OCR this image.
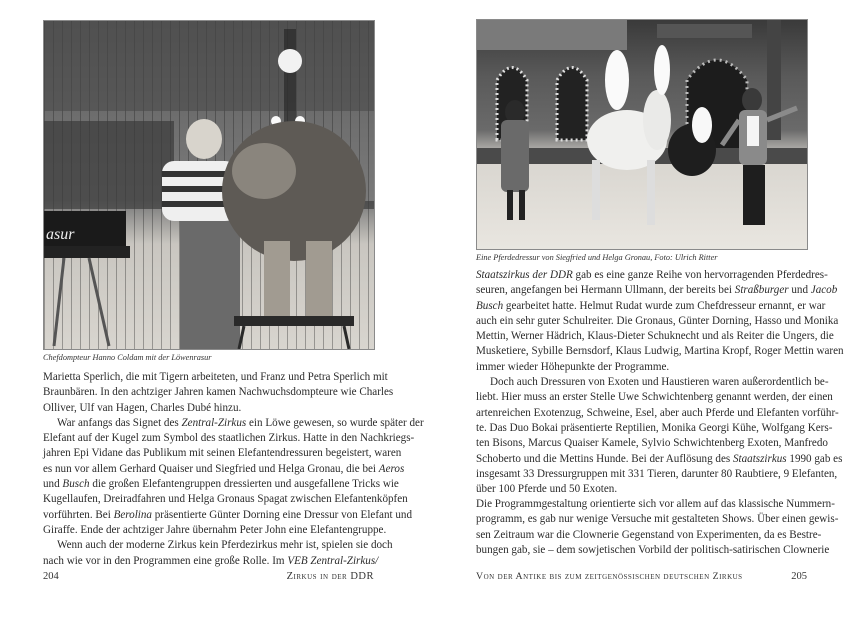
asur
Chefdompteur Hanno Coldam mit der Löwenrasur
Marietta Sperlich, die mit Tigern arbeiteten, und Franz und Petra Sperlich mit
Braunbären. In den achtziger Jahren kamen Nachwuchsdompteure wie Charles
Olliver, Ulf van Hagen, Charles Dubé hinzu.
War anfangs das Signet des Zentral-Zirkus ein Löwe gewesen, so wurde später der
Elefant auf der Kugel zum Symbol des staatlichen Zirkus. Hatte in den Nachkriegs-
jahren Epi Vidane das Publikum mit seinen Elefantendressuren begeistert, waren
es nun vor allem Gerhard Quaiser und Siegfried und Helga Gronau, die bei Aeros
und Busch die großen Elefantengruppen dressierten und ausgefallene Tricks wie
Kugellaufen, Dreiradfahren und Helga Gronaus Spagat zwischen Elefantenköpfen
vorführten. Bei Berolina präsentierte Günter Dorning eine Dressur von Elefant und
Giraffe. Ende der achtziger Jahre übernahm Peter John eine Elefantengruppe.
Wenn auch der moderne Zirkus kein Pferdezirkus mehr ist, spielen sie doch
nach wie vor in den Programmen eine große Rolle. Im VEB Zentral-Zirkus/
204	Zirkus in der DDR
Eine Pferdedressur von Siegfried und Helga Gronau, Foto: Ulrich Ritter
Staatszirkus der DDR gab es eine ganze Reihe von hervorragenden Pferdedres-
seuren, angefangen bei Hermann Ullmann, der bereits bei Straßburger und Jacob
Busch gearbeitet hatte. Helmut Rudat wurde zum Chefdresseur ernannt, er war
auch ein sehr guter Schulreiter. Die Gronaus, Günter Dorning, Hasso und Monika
Mettin, Werner Hädrich, Klaus-Dieter Schuknecht und als Reiter die Ungers, die
Musketiere, Sybille Bernsdorf, Klaus Ludwig, Martina Kropf, Roger Mettin waren
immer wieder Höhepunkte der Programme.
Doch auch Dressuren von Exoten und Haustieren waren außerordentlich be-
liebt. Hier muss an erster Stelle Uwe Schwichtenberg genannt werden, der einen
artenreichen Exotenzug, Schweine, Esel, aber auch Pferde und Elefanten vorführ-
te. Das Duo Bokai präsentierte Reptilien, Monika Georgi Kühe, Wolfgang Kers-
ten Bisons, Marcus Quaiser Kamele, Sylvio Schwichtenberg Exoten, Manfredo
Schoberto und die Mettins Hunde. Bei der Auflösung des Staatszirkus 1990 gab es
insgesamt 33 Dressurgruppen mit 331 Tieren, darunter 80 Raubtiere, 9 Elefanten,
über 100 Pferde und 50 Exoten.
Die Programmgestaltung orientierte sich vor allem auf das klassische Nummern-
programm, es gab nur wenige Versuche mit gestalteten Shows. Über einen gewis-
sen Zeitraum war die Clownerie Gegenstand von Experimenten, da es Bestre-
bungen gab, sie – dem sowjetischen Vorbild der politisch-satirischen Clownerie
Von der Antike bis zum zeitgenössischen deutschen Zirkus	205
